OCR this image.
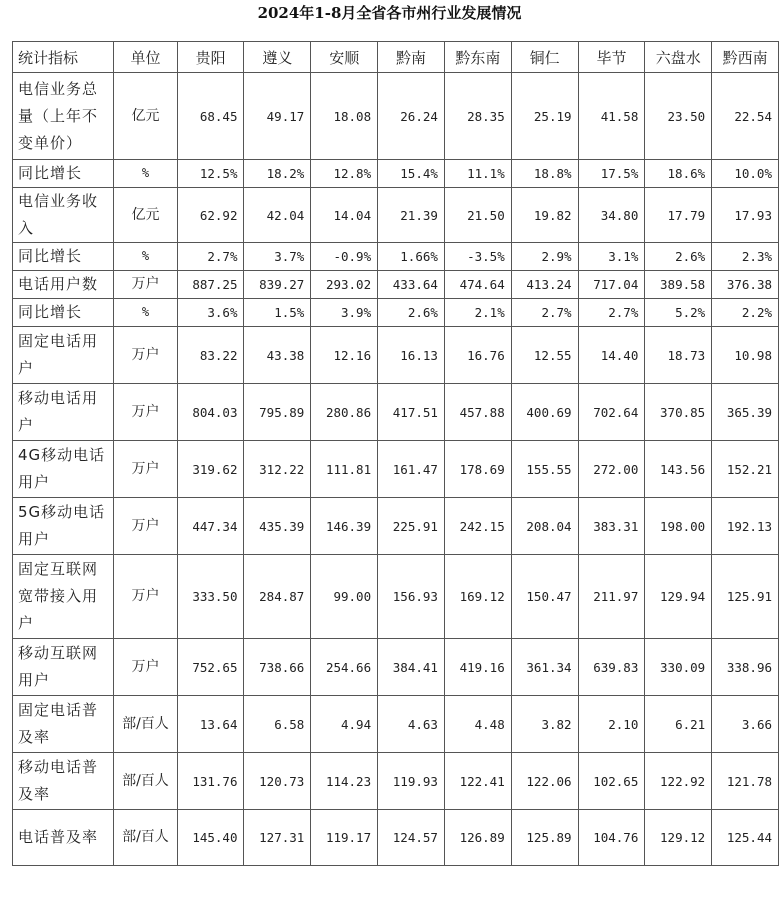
2024年1-8月全省各市州行业发展情况
统计指标	单位	贵阳	遵义	安顺	黔南	黔东南	铜仁	毕节	六盘水	黔西南
电信业务总量（上年不变单价）	亿元	68.45	49.17	18.08	26.24	28.35	25.19	41.58	23.50	22.54
同比增长	%	12.5%	18.2%	12.8%	15.4%	11.1%	18.8%	17.5%	18.6%	10.0%
电信业务收入	亿元	62.92	42.04	14.04	21.39	21.50	19.82	34.80	17.79	17.93
同比增长	%	2.7%	3.7%	-0.9%	1.66%	-3.5%	2.9%	3.1%	2.6%	2.3%
电话用户数	万户	887.25	839.27	293.02	433.64	474.64	413.24	717.04	389.58	376.38
同比增长	%	3.6%	1.5%	3.9%	2.6%	2.1%	2.7%	2.7%	5.2%	2.2%
固定电话用户	万户	83.22	43.38	12.16	16.13	16.76	12.55	14.40	18.73	10.98
移动电话用户	万户	804.03	795.89	280.86	417.51	457.88	400.69	702.64	370.85	365.39
4G移动电话用户	万户	319.62	312.22	111.81	161.47	178.69	155.55	272.00	143.56	152.21
5G移动电话用户	万户	447.34	435.39	146.39	225.91	242.15	208.04	383.31	198.00	192.13
固定互联网宽带接入用户	万户	333.50	284.87	99.00	156.93	169.12	150.47	211.97	129.94	125.91
移动互联网用户	万户	752.65	738.66	254.66	384.41	419.16	361.34	639.83	330.09	338.96
固定电话普及率	部/百人	13.64	6.58	4.94	4.63	4.48	3.82	2.10	6.21	3.66
移动电话普及率	部/百人	131.76	120.73	114.23	119.93	122.41	122.06	102.65	122.92	121.78
电话普及率	部/百人	145.40	127.31	119.17	124.57	126.89	125.89	104.76	129.12	125.44
